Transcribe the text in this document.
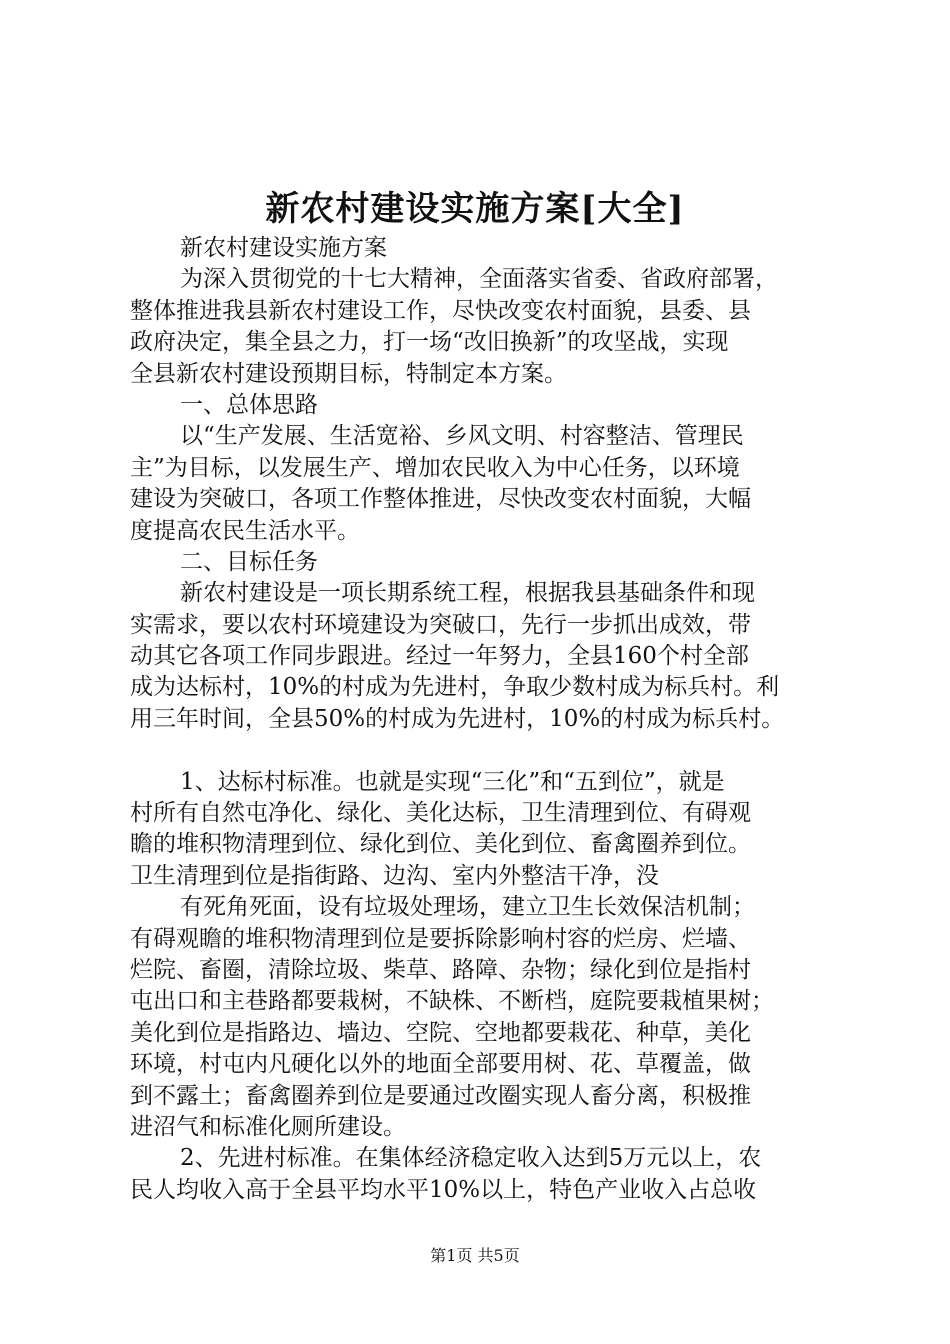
新农村建设实施方案[大全]
新农村建设实施方案
为深入贯彻党的十七大精神，全面落实省委、省政府部署，
整体推进我县新农村建设工作，尽快改变农村面貌，县委、县
政府决定，集全县之力，打一场“改旧换新”的攻坚战，实现
全县新农村建设预期目标，特制定本方案。
一、总体思路
以“生产发展、生活宽裕、乡风文明、村容整洁、管理民
主”为目标，以发展生产、增加农民收入为中心任务，以环境
建设为突破口，各项工作整体推进，尽快改变农村面貌，大幅
度提高农民生活水平。
二、目标任务
新农村建设是一项长期系统工程，根据我县基础条件和现
实需求，要以农村环境建设为突破口，先行一步抓出成效，带
动其它各项工作同步跟进。经过一年努力，全县160个村全部
成为达标村，10%的村成为先进村，争取少数村成为标兵村。利
用三年时间，全县50%的村成为先进村，10%的村成为标兵村。
1、达标村标准。也就是实现“三化”和“五到位”，就是
村所有自然屯净化、绿化、美化达标，卫生清理到位、有碍观
瞻的堆积物清理到位、绿化到位、美化到位、畜禽圈养到位。
卫生清理到位是指街路、边沟、室内外整洁干净，没
有死角死面，设有垃圾处理场，建立卫生长效保洁机制；
有碍观瞻的堆积物清理到位是要拆除影响村容的烂房、烂墙、
烂院、畜圈，清除垃圾、柴草、路障、杂物；绿化到位是指村
屯出口和主巷路都要栽树，不缺株、不断档，庭院要栽植果树；
美化到位是指路边、墙边、空院、空地都要栽花、种草，美化
环境，村屯内凡硬化以外的地面全部要用树、花、草覆盖，做
到不露土；畜禽圈养到位是要通过改圈实现人畜分离，积极推
进沼气和标准化厕所建设。
2、先进村标准。在集体经济稳定收入达到5万元以上，农
民人均收入高于全县平均水平10%以上，特色产业收入占总收
第1页 共5页
